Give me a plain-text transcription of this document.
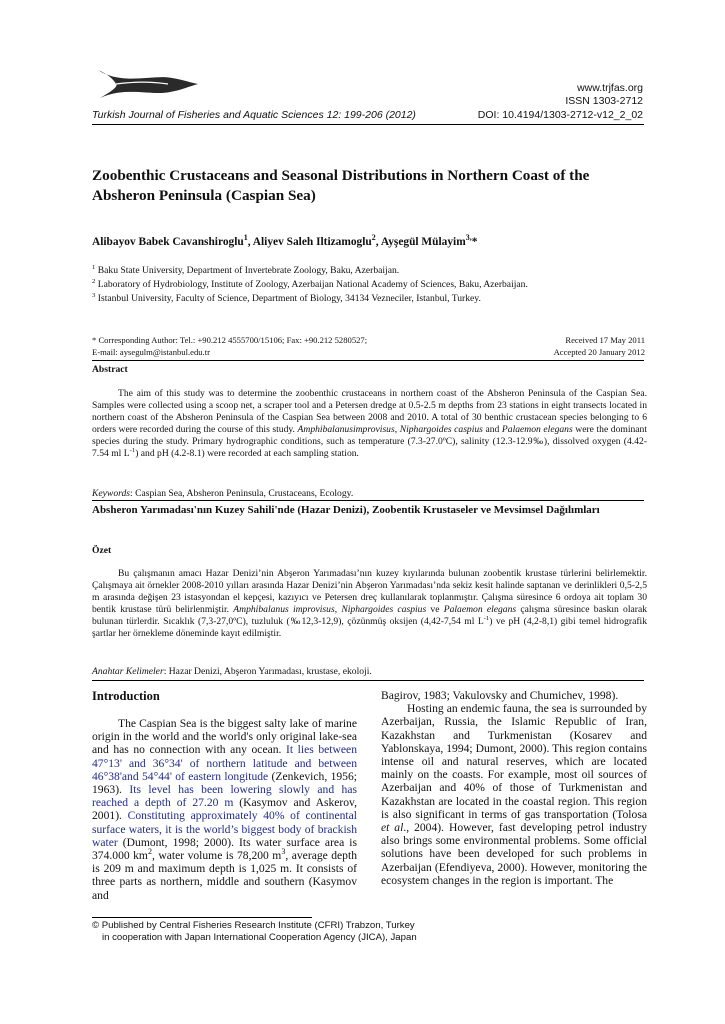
www.trjfas.org
ISSN 1303-2712
Turkish Journal of Fisheries and Aquatic Sciences 12: 199-206 (2012)	DOI: 10.4194/1303-2712-v12_2_02
Zoobenthic Crustaceans and Seasonal Distributions in Northern Coast of the Absheron Peninsula (Caspian Sea)
Alibayov Babek Cavanshiroglu$^1$, Aliyev Saleh Iltizamoglu$^2$, Ayşegül Mülayim$^{3,}$*
$^1$ Baku State University, Department of Invertebrate Zoology, Baku, Azerbaijan.
$^2$ Laboratory of Hydrobiology, Institute of Zoology, Azerbaijan National Academy of Sciences, Baku, Azerbaijan.
$^3$ Istanbul University, Faculty of Science, Department of Biology, 34134 Vezneciler, Istanbul, Turkey.
* Corresponding Author: Tel.: +90.212 4555700/15106; Fax: +90.212 5280527;
E-mail: aysegulm@istanbul.edu.tr
Received 17 May 2011
Accepted 20 January 2012
Abstract

The aim of this study was to determine the zoobenthic crustaceans in northern coast of the Absheron Peninsula of the Caspian Sea. Samples were collected using a scoop net, a scraper tool and a Petersen dredge at 0.5-2.5 m depths from 23 stations in eight transects located in northern coast of the Absheron Peninsula of the Caspian Sea between 2008 and 2010. A total of 30 benthic crustacean species belonging to 6 orders were recorded during the course of this study. Amphibalanusimprovisus, Niphargoides caspius and Palaemon elegans were the dominant species during the study. Primary hydrographic conditions, such as temperature (7.3-27.0ºC), salinity (12.3-12.9‰), dissolved oxygen (4.42-7.54 ml $L^{-1}$) and pH (4.2-8.1) were recorded at each sampling station.

Keywords: Caspian Sea, Absheron Peninsula, Crustaceans, Ecology.
Absheron Yarımadası'nın Kuzey Sahili'nde (Hazar Denizi), Zoobentik Krustaseler ve Mevsimsel Dağılımları
Özet

Bu çalışmanın amacı Hazar Denizi’nin Abşeron Yarımadası’nın kuzey kıyılarında bulunan zoobentik krustase türlerini belirlemektir. Çalışmaya ait örnekler 2008-2010 yılları arasında Hazar Denizi’nin Abşeron Yarımadası’nda sekiz kesit halinde saptanan ve derinlikleri 0,5-2,5 m arasında değişen 23 istasyondan el kepçesi, kazıyıcı ve Petersen dreç kullanılarak toplanmıştır. Çalışma süresince 6 ordoya ait toplam 30 bentik krustase türü belirlenmiştir. Amphibalanus improvisus, Niphargoides caspius ve Palaemon elegans çalışma süresince baskın olarak bulunan türlerdir. Sıcaklık (7,3-27,0ºC), tuzluluk (‰12,3-12,9), çözünmüş oksijen (4,42-7,54 ml $L^{-1}$) ve pH (4,2-8,1) gibi temel hidrografik şartlar her örnekleme döneminde kayıt edilmiştir.

Anahtar Kelimeler: Hazar Denizi, Abşeron Yarımadası, krustase, ekoloji.
Introduction

The Caspian Sea is the biggest salty lake of marine origin in the world and the world's only original lake-sea and has no connection with any ocean. It lies between 47°13' and 36°34' of northern latitude and between 46°38'and 54°44' of eastern longitude (Zenkevich, 1956; 1963). Its level has been lowering slowly and has reached a depth of 27.20 m (Kasymov and Askerov, 2001). Constituting approximately 40% of continental surface waters, it is the world’s biggest body of brackish water (Dumont, 1998; 2000). Its water surface area is 374.000 $km^2$, water volume is 78,200 $m^3$, average depth is 209 m and maximum depth is 1,025 m. It consists of three parts as northern, middle and southern (Kasymov and

Bagirov, 1983; Vakulovsky and Chumichev, 1998).

Hosting an endemic fauna, the sea is surrounded by Azerbaijan, Russia, the Islamic Republic of Iran, Kazakhstan and Turkmenistan (Kosarev and Yablonskaya, 1994; Dumont, 2000). This region contains intense oil and natural reserves, which are located mainly on the coasts. For example, most oil sources of Azerbaijan and 40% of those of Turkmenistan and Kazakhstan are located in the coastal region. This region is also significant in terms of gas transportation (Tolosa et al., 2004). However, fast developing petrol industry also brings some environmental problems. Some official solutions have been developed for such problems in Azerbaijan (Efendiyeva, 2000). However, monitoring the ecosystem changes in the region is important. The

© Published by Central Fisheries Research Institute (CFRI) Trabzon, Turkey
in cooperation with Japan International Cooperation Agency (JICA), Japan
